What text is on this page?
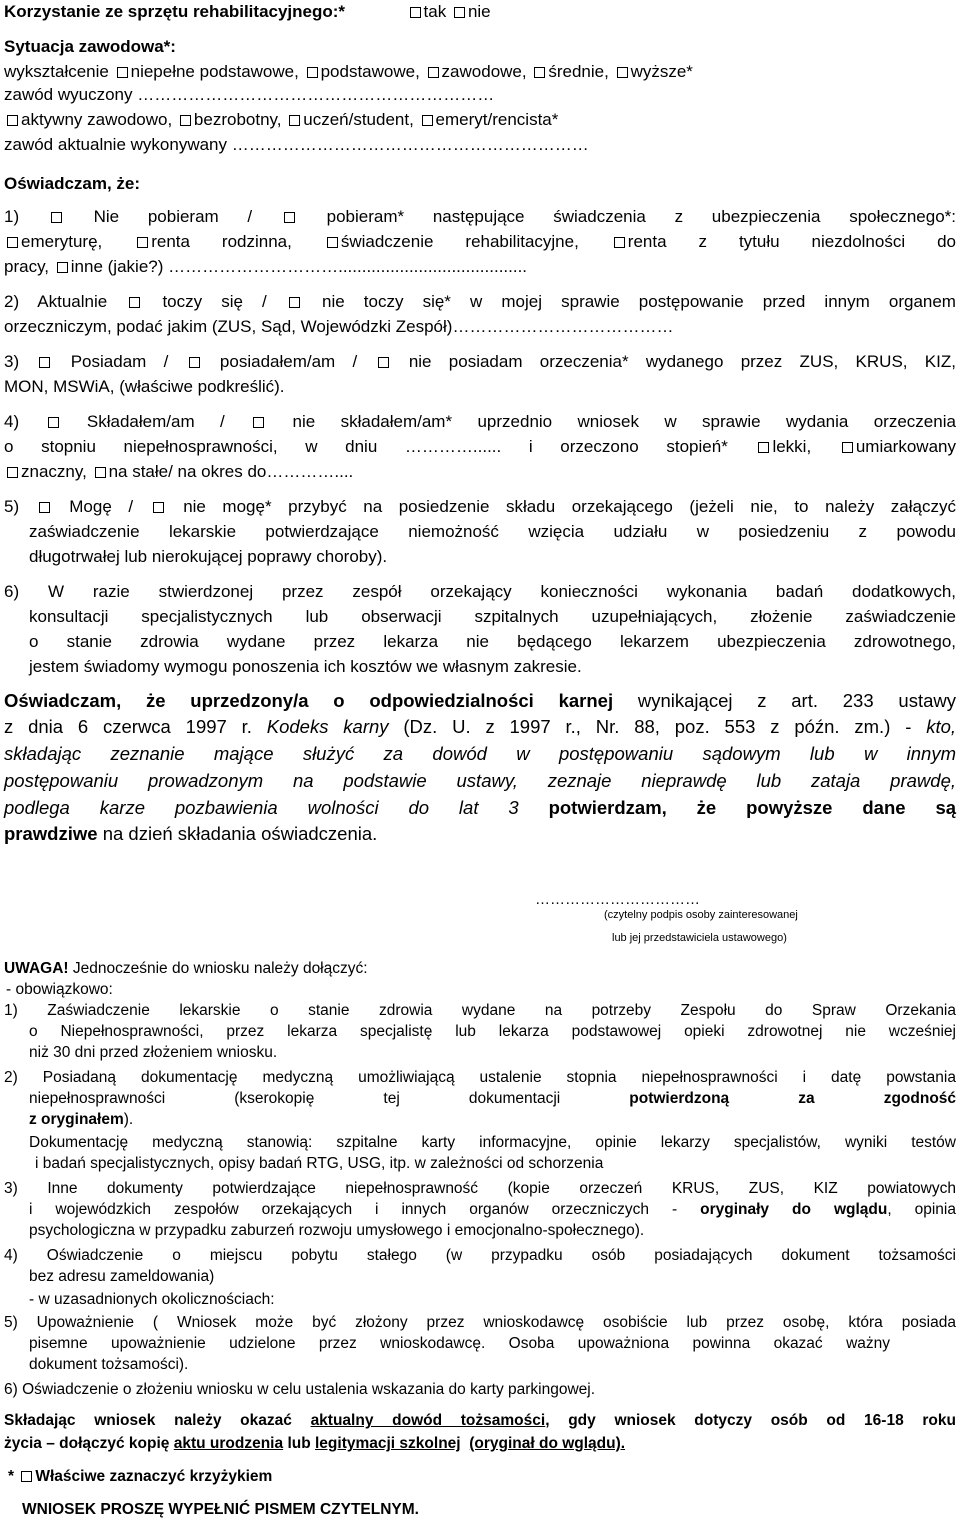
Korzystanie ze sprzętu rehabilitacyjnego:*	tak nie
Sytuacja zawodowa*:
wykształcenie niepełne podstawowe, podstawowe, zawodowe, średnie, wyższe*
zawód wyuczony ………………………………………………………
aktywny zawodowo, bezrobotny, uczeń/student, emeryt/rencista*
zawód aktualnie wykonywany ………………………………………………………
Oświadczam, że:
1)	Nie pobieram /	pobieram* następujące świadczenia z ubezpieczenia społecznego*:
emeryturę,	renta rodzinna,	świadczenie rehabilitacyjne,	renta z tytułu niezdolności do
pracy, inne (jakie?) …………………………........................................
2) Aktualnie	toczy się /	nie toczy się* w mojej sprawie postępowanie przed innym organem
orzeczniczym, podać jakim (ZUS, Sąd, Wojewódzki Zespół)…………………………………
3)	Posiadam /	posiadałem/am /	nie posiadam orzeczenia* wydanego przez ZUS, KRUS, KIZ,
MON, MSWiA, (właściwe podkreślić).
4)	Składałem/am /	nie składałem/am* uprzednio wniosek w sprawie wydania orzeczenia
o stopniu niepełnosprawności, w dniu …………...... i orzeczono stopień*	lekki,	umiarkowany
znaczny, na stałe/ na okres do…………....
5)	Mogę /	nie mogę* przybyć na posiedzenie składu orzekającego (jeżeli nie, to należy załączyć
zaświadczenie lekarskie potwierdzające niemożność wzięcia udziału w posiedzeniu z powodu
długotrwałej lub nierokującej poprawy choroby).
6) W razie stwierdzonej przez zespół orzekający konieczności wykonania badań dodatkowych,
konsultacji specjalistycznych lub obserwacji szpitalnych uzupełniających, złożenie zaświadczenie
o stanie zdrowia wydane przez lekarza nie będącego lekarzem ubezpieczenia zdrowotnego,
jestem świadomy wymogu ponoszenia ich kosztów we własnym zakresie.
Oświadczam, że uprzedzony/a o odpowiedzialności karnej wynikającej z art. 233 ustawy
z dnia 6 czerwca 1997 r. Kodeks karny (Dz. U. z 1997 r., Nr. 88, poz. 553 z późn. zm.) - kto,
składając zeznanie mające służyć za dowód w postępowaniu sądowym lub w innym
postępowaniu prowadzonym na podstawie ustawy, zeznaje nieprawdę lub zataja prawdę,
podlega karze pozbawienia wolności do lat 3 potwierdzam, że powyższe dane są
prawdziwe na dzień składania oświadczenia.
……………………………
(czytelny podpis osoby zainteresowanej
lub jej przedstawiciela ustawowego)
UWAGA! Jednocześnie do wniosku należy dołączyć:
- obowiązkowo:
1) Zaświadczenie lekarskie o stanie zdrowia wydane na potrzeby Zespołu do Spraw Orzekania
o Niepełnosprawności, przez lekarza specjalistę lub lekarza podstawowej opieki zdrowotnej nie wcześniej
niż 30 dni przed złożeniem wniosku.
2) Posiadaną dokumentację medyczną umożliwiającą ustalenie stopnia niepełnosprawności i datę powstania
niepełnosprawności	(kserokopię	tej	dokumentacji	potwierdzoną	za	zgodność
z oryginałem).
Dokumentację medyczną stanowią: szpitalne karty informacyjne, opinie lekarzy specjalistów, wyniki testów
i badań specjalistycznych, opisy badań RTG, USG, itp. w zależności od schorzenia
3) Inne dokumenty potwierdzające niepełnosprawność (kopie orzeczeń KRUS, ZUS, KIZ powiatowych
i wojewódzkich zespołów orzekających i innych organów orzeczniczych - oryginały do wglądu, opinia
psychologiczna w przypadku zaburzeń rozwoju umysłowego i emocjonalno-społecznego).
4) Oświadczenie o miejscu pobytu stałego (w przypadku osób posiadających dokument tożsamości
bez adresu zameldowania)
- w uzasadnionych okolicznościach:
5) Upoważnienie ( Wniosek może być złożony przez wnioskodawcę osobiście lub przez osobę, która posiada
pisemne upoważnienie udzielone przez wnioskodawcę. Osoba upoważniona powinna okazać ważny
dokument tożsamości).
6) Oświadczenie o złożeniu wniosku w celu ustalenia wskazania do karty parkingowej.
Składając wniosek należy okazać aktualny dowód tożsamości, gdy wniosek dotyczy osób od 16-18 roku
życia – dołączyć kopię aktu urodzenia lub legitymacji szkolnej (oryginał do wglądu).
* Właściwe zaznaczyć krzyżykiem
WNIOSEK PROSZĘ WYPEŁNIĆ PISMEM CZYTELNYM.
